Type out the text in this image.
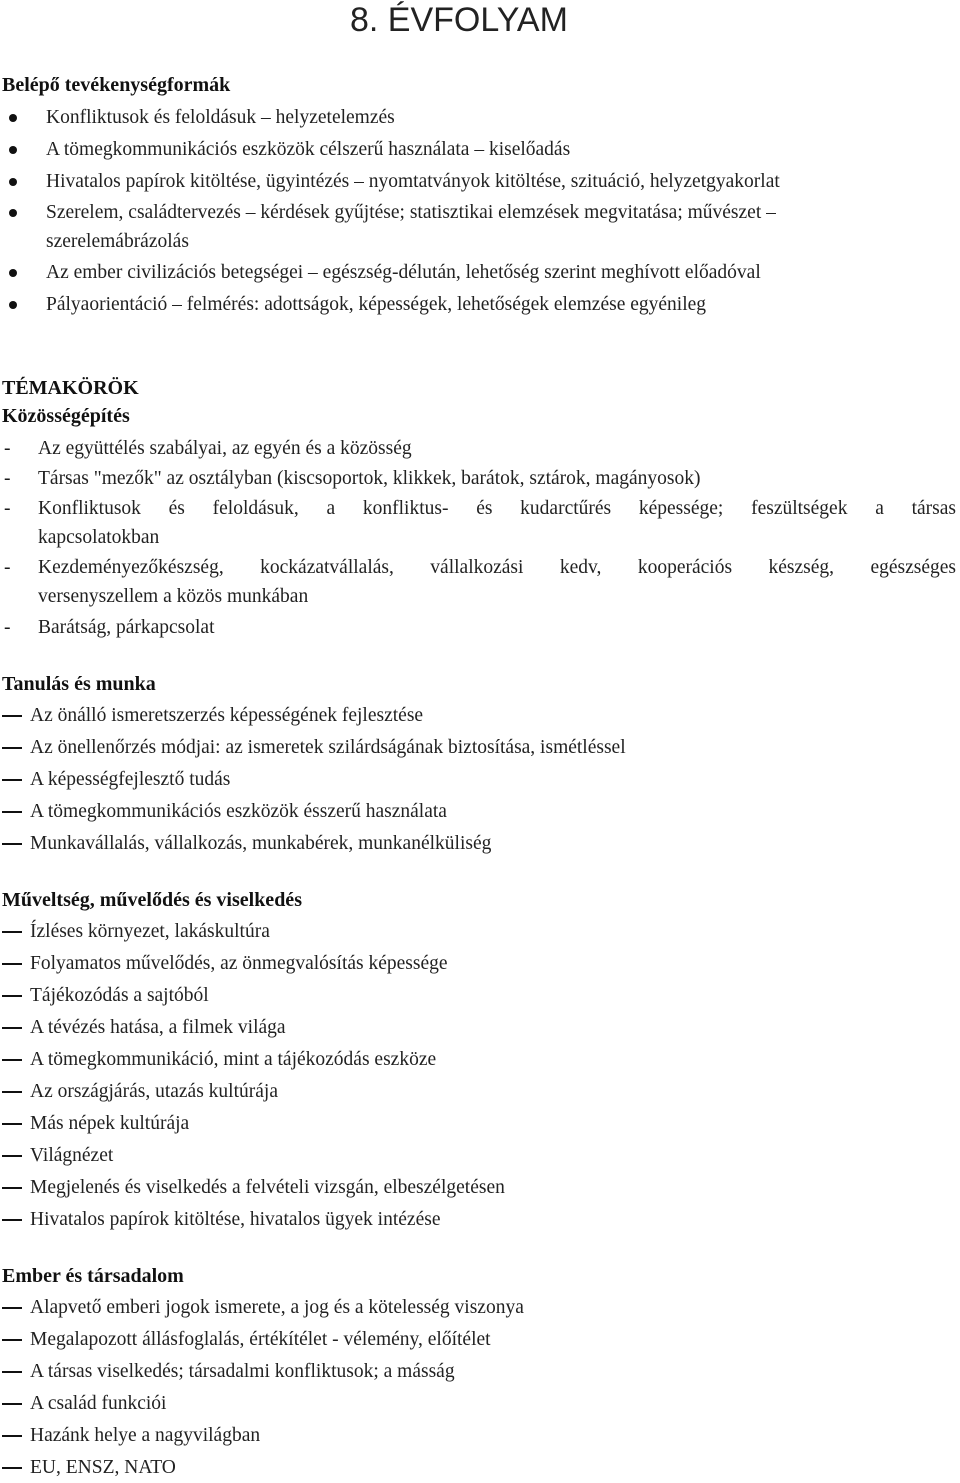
8. ÉVFOLYAM
Belépő tevékenységformák
Konfliktusok és feloldásuk – helyzetelemzés
A tömegkommunikációs eszközök célszerű használata – kiselőadás
Hivatalos papírok kitöltése, ügyintézés – nyomtatványok kitöltése, szituáció, helyzetgyakorlat
Szerelem, családtervezés – kérdések gyűjtése; statisztikai elemzések megvitatása; művészet –
szerelemábrázolás
Az ember civilizációs betegségei – egészség-délután, lehetőség szerint meghívott előadóval
Pályaorientáció – felmérés: adottságok, képességek, lehetőségek elemzése egyénileg
TÉMAKÖRÖK
Közösségépítés
- Az együttélés szabályai, az egyén és a közösség
- Társas "mezők" az osztályban (kiscsoportok, klikkek, barátok, sztárok, magányosok)
- Konfliktusok és feloldásuk, a konfliktus- és kudarctűrés képessége; feszültségek a társas
kapcsolatokban
- Kezdeményezőkészség, kockázatvállalás, vállalkozási kedv, kooperációs készség, egészséges
versenyszellem a közös munkában
- Barátság, párkapcsolat
Tanulás és munka
Az önálló ismeretszerzés képességének fejlesztése
Az önellenőrzés módjai: az ismeretek szilárdságának biztosítása, ismétléssel
A képességfejlesztő tudás
A tömegkommunikációs eszközök ésszerű használata
Munkavállalás, vállalkozás, munkabérek, munkanélküliség
Műveltség, művelődés és viselkedés
Ízléses környezet, lakáskultúra
Folyamatos művelődés, az önmegvalósítás képessége
Tájékozódás a sajtóból
A tévézés hatása, a filmek világa
A tömegkommunikáció, mint a tájékozódás eszköze
Az országjárás, utazás kultúrája
Más népek kultúrája
Világnézet
Megjelenés és viselkedés a felvételi vizsgán, elbeszélgetésen
Hivatalos papírok kitöltése, hivatalos ügyek intézése
Ember és társadalom
Alapvető emberi jogok ismerete, a jog és a kötelesség viszonya
Megalapozott állásfoglalás, értékítélet - vélemény, előítélet
A társas viselkedés; társadalmi konfliktusok; a másság
A család funkciói
Hazánk helye a nagyvilágban
EU, ENSZ, NATO
